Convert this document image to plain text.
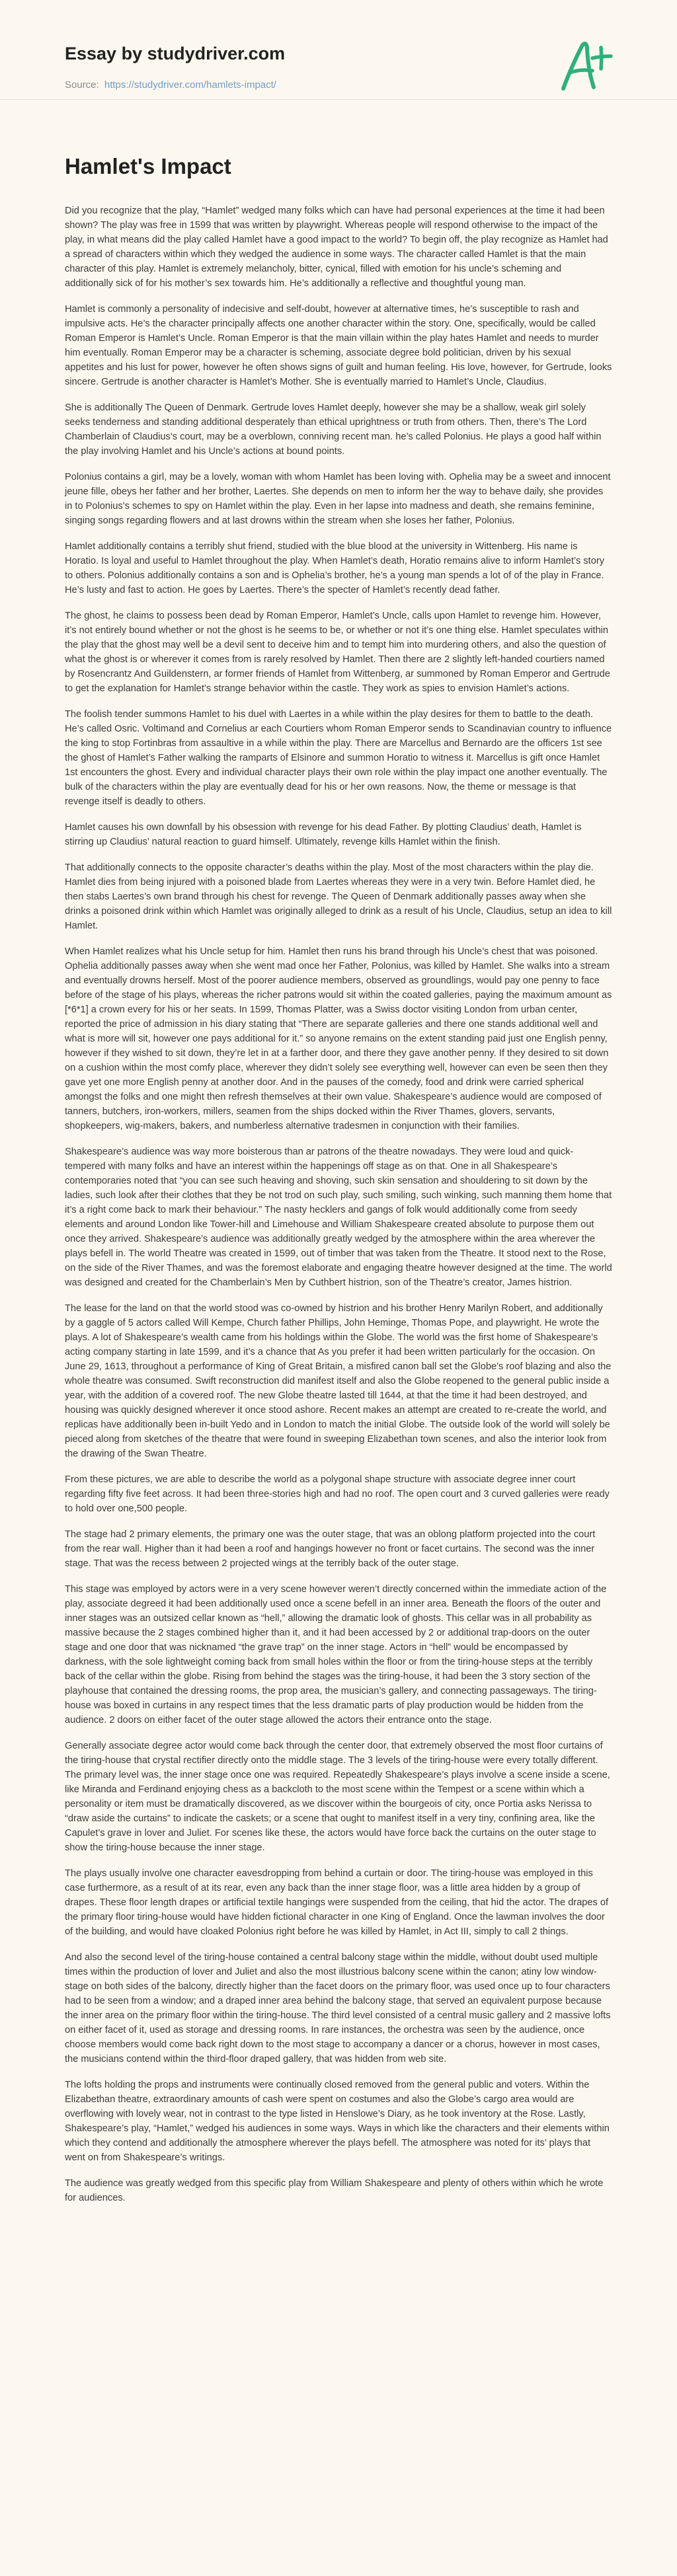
Essay by studydriver.com
Source: https://studydriver.com/hamlets-impact/
Hamlet's Impact

Did you recognize that the play, “Hamlet” wedged many folks which can have had personal experiences at the time it had been shown? The play was free in 1599 that was written by playwright. Whereas people will respond otherwise to the impact of the play, in what means did the play called Hamlet have a good impact to the world? To begin off, the play recognize as Hamlet had a spread of characters within which they wedged the audience in some ways. The character called Hamlet is that the main character of this play. Hamlet is extremely melancholy, bitter, cynical, filled with emotion for his uncle’s scheming and additionally sick of for his mother’s sex towards him. He’s additionally a reflective and thoughtful young man.

Hamlet is commonly a personality of indecisive and self-doubt, however at alternative times, he’s susceptible to rash and impulsive acts. He’s the character principally affects one another character within the story. One, specifically, would be called Roman Emperor is Hamlet’s Uncle. Roman Emperor is that the main villain within the play hates Hamlet and needs to murder him eventually. Roman Emperor may be a character is scheming, associate degree bold politician, driven by his sexual appetites and his lust for power, however he often shows signs of guilt and human feeling. His love, however, for Gertrude, looks sincere. Gertrude is another character is Hamlet’s Mother. She is eventually married to Hamlet’s Uncle, Claudius.

She is additionally The Queen of Denmark. Gertrude loves Hamlet deeply, however she may be a shallow, weak girl solely seeks tenderness and standing additional desperately than ethical uprightness or truth from others. Then, there’s The Lord Chamberlain of Claudius’s court, may be a overblown, conniving recent man. he’s called Polonius. He plays a good half within the play involving Hamlet and his Uncle’s actions at bound points.

Polonius contains a girl, may be a lovely, woman with whom Hamlet has been loving with. Ophelia may be a sweet and innocent jeune fille, obeys her father and her brother, Laertes. She depends on men to inform her the way to behave daily, she provides in to Polonius’s schemes to spy on Hamlet within the play. Even in her lapse into madness and death, she remains feminine, singing songs regarding flowers and at last drowns within the stream when she loses her father, Polonius.

Hamlet additionally contains a terribly shut friend, studied with the blue blood at the university in Wittenberg. His name is Horatio. Is loyal and useful to Hamlet throughout the play. When Hamlet’s death, Horatio remains alive to inform Hamlet’s story to others. Polonius additionally contains a son and is Ophelia’s brother, he’s a young man spends a lot of of the play in France. He’s lusty and fast to action. He goes by Laertes. There’s the specter of Hamlet’s recently dead father.

The ghost, he claims to possess been dead by Roman Emperor, Hamlet’s Uncle, calls upon Hamlet to revenge him. However, it’s not entirely bound whether or not the ghost is he seems to be, or whether or not it’s one thing else. Hamlet speculates within the play that the ghost may well be a devil sent to deceive him and to tempt him into murdering others, and also the question of what the ghost is or wherever it comes from is rarely resolved by Hamlet. Then there are 2 slightly left-handed courtiers named by Rosencrantz And Guildenstern, ar former friends of Hamlet from Wittenberg, ar summoned by Roman Emperor and Gertrude to get the explanation for Hamlet’s strange behavior within the castle. They work as spies to envision Hamlet’s actions.

The foolish tender summons Hamlet to his duel with Laertes in a while within the play desires for them to battle to the death. He’s called Osric. Voltimand and Cornelius ar each Courtiers whom Roman Emperor sends to Scandinavian country to influence the king to stop Fortinbras from assaultive in a while within the play. There are Marcellus and Bernardo are the officers 1st see the ghost of Hamlet’s Father walking the ramparts of Elsinore and summon Horatio to witness it. Marcellus is gift once Hamlet 1st encounters the ghost. Every and individual character plays their own role within the play impact one another eventually. The bulk of the characters within the play are eventually dead for his or her own reasons. Now, the theme or message is that revenge itself is deadly to others.

Hamlet causes his own downfall by his obsession with revenge for his dead Father. By plotting Claudius’ death, Hamlet is stirring up Claudius’ natural reaction to guard himself. Ultimately, revenge kills Hamlet within the finish.

That additionally connects to the opposite character’s deaths within the play. Most of the most characters within the play die. Hamlet dies from being injured with a poisoned blade from Laertes whereas they were in a very twin. Before Hamlet died, he then stabs Laertes’s own brand through his chest for revenge. The Queen of Denmark additionally passes away when she drinks a poisoned drink within which Hamlet was originally alleged to drink as a result of his Uncle, Claudius, setup an idea to kill Hamlet.

When Hamlet realizes what his Uncle setup for him. Hamlet then runs his brand through his Uncle’s chest that was poisoned. Ophelia additionally passes away when she went mad once her Father, Polonius, was killed by Hamlet. She walks into a stream and eventually drowns herself. Most of the poorer audience members, observed as groundlings, would pay one penny to face before of the stage of his plays, whereas the richer patrons would sit within the coated galleries, paying the maximum amount as [*6*1] a crown every for his or her seats. In 1599, Thomas Platter, was a Swiss doctor visiting London from urban center, reported the price of admission in his diary stating that “There are separate galleries and there one stands additional well and what is more will sit, however one pays additional for it.” so anyone remains on the extent standing paid just one English penny, however if they wished to sit down, they’re let in at a farther door, and there they gave another penny. If they desired to sit down on a cushion within the most comfy place, wherever they didn’t solely see everything well, however can even be seen then they gave yet one more English penny at another door. And in the pauses of the comedy, food and drink were carried spherical amongst the folks and one might then refresh themselves at their own value. Shakespeare’s audience would are composed of tanners, butchers, iron-workers, millers, seamen from the ships docked within the River Thames, glovers, servants, shopkeepers, wig-makers, bakers, and numberless alternative tradesmen in conjunction with their families.

Shakespeare’s audience was way more boisterous than ar patrons of the theatre nowadays. They were loud and quick-tempered with many folks and have an interest within the happenings off stage as on that. One in all Shakespeare’s contemporaries noted that “you can see such heaving and shoving, such skin sensation and shouldering to sit down by the ladies, such look after their clothes that they be not trod on such play, such smiling, such winking, such manning them home that it’s a right come back to mark their behaviour.” The nasty hecklers and gangs of folk would additionally come from seedy elements and around London like Tower-hill and Limehouse and William Shakespeare created absolute to purpose them out once they arrived. Shakespeare’s audience was additionally greatly wedged by the atmosphere within the area wherever the plays befell in. The world Theatre was created in 1599, out of timber that was taken from the Theatre. It stood next to the Rose, on the side of the River Thames, and was the foremost elaborate and engaging theatre however designed at the time. The world was designed and created for the Chamberlain’s Men by Cuthbert histrion, son of the Theatre’s creator, James histrion.

The lease for the land on that the world stood was co-owned by histrion and his brother Henry Marilyn Robert, and additionally by a gaggle of 5 actors called Will Kempe, Church father Phillips, John Heminge, Thomas Pope, and playwright. He wrote the plays. A lot of Shakespeare’s wealth came from his holdings within the Globe. The world was the first home of Shakespeare’s acting company starting in late 1599, and it’s a chance that As you prefer it had been written particularly for the occasion. On June 29, 1613, throughout a performance of King of Great Britain, a misfired canon ball set the Globe’s roof blazing and also the whole theatre was consumed. Swift reconstruction did manifest itself and also the Globe reopened to the general public inside a year, with the addition of a covered roof. The new Globe theatre lasted till 1644, at that the time it had been destroyed, and housing was quickly designed wherever it once stood ashore. Recent makes an attempt are created to re-create the world, and replicas have additionally been in-built Yedo and in London to match the initial Globe. The outside look of the world will solely be pieced along from sketches of the theatre that were found in sweeping Elizabethan town scenes, and also the interior look from the drawing of the Swan Theatre.

From these pictures, we are able to describe the world as a polygonal shape structure with associate degree inner court regarding fifty five feet across. It had been three-stories high and had no roof. The open court and 3 curved galleries were ready to hold over one,500 people.

The stage had 2 primary elements, the primary one was the outer stage, that was an oblong platform projected into the court from the rear wall. Higher than it had been a roof and hangings however no front or facet curtains. The second was the inner stage. That was the recess between 2 projected wings at the terribly back of the outer stage.

This stage was employed by actors were in a very scene however weren’t directly concerned within the immediate action of the play, associate degreed it had been additionally used once a scene befell in an inner area. Beneath the floors of the outer and inner stages was an outsized cellar known as “hell,” allowing the dramatic look of ghosts. This cellar was in all probability as massive because the 2 stages combined higher than it, and it had been accessed by 2 or additional trap-doors on the outer stage and one door that was nicknamed “the grave trap” on the inner stage. Actors in “hell” would be encompassed by darkness, with the sole lightweight coming back from small holes within the floor or from the tiring-house steps at the terribly back of the cellar within the globe. Rising from behind the stages was the tiring-house, it had been the 3 story section of the playhouse that contained the dressing rooms, the prop area, the musician’s gallery, and connecting passageways. The tiring-house was boxed in curtains in any respect times that the less dramatic parts of play production would be hidden from the audience. 2 doors on either facet of the outer stage allowed the actors their entrance onto the stage.

Generally associate degree actor would come back through the center door, that extremely observed the most floor curtains of the tiring-house that crystal rectifier directly onto the middle stage. The 3 levels of the tiring-house were every totally different. The primary level was, the inner stage once one was required. Repeatedly Shakespeare’s plays involve a scene inside a scene, like Miranda and Ferdinand enjoying chess as a backcloth to the most scene within the Tempest or a scene within which a personality or item must be dramatically discovered, as we discover within the bourgeois of city, once Portia asks Nerissa to “draw aside the curtains” to indicate the caskets; or a scene that ought to manifest itself in a very tiny, confining area, like the Capulet’s grave in lover and Juliet. For scenes like these, the actors would have force back the curtains on the outer stage to show the tiring-house because the inner stage.

The plays usually involve one character eavesdropping from behind a curtain or door. The tiring-house was employed in this case furthermore, as a result of at its rear, even any back than the inner stage floor, was a little area hidden by a group of drapes. These floor length drapes or artificial textile hangings were suspended from the ceiling, that hid the actor. The drapes of the primary floor tiring-house would have hidden fictional character in one King of England. Once the lawman involves the door of the building, and would have cloaked Polonius right before he was killed by Hamlet, in Act III, simply to call 2 things.

And also the second level of the tiring-house contained a central balcony stage within the middle, without doubt used multiple times within the production of lover and Juliet and also the most illustrious balcony scene within the canon; atiny low window-stage on both sides of the balcony, directly higher than the facet doors on the primary floor, was used once up to four characters had to be seen from a window; and a draped inner area behind the balcony stage, that served an equivalent purpose because the inner area on the primary floor within the tiring-house. The third level consisted of a central music gallery and 2 massive lofts on either facet of it, used as storage and dressing rooms. In rare instances, the orchestra was seen by the audience, once choose members would come back right down to the most stage to accompany a dancer or a chorus, however in most cases, the musicians contend within the third-floor draped gallery, that was hidden from web site.

The lofts holding the props and instruments were continually closed removed from the general public and voters. Within the Elizabethan theatre, extraordinary amounts of cash were spent on costumes and also the Globe’s cargo area would are overflowing with lovely wear, not in contrast to the type listed in Henslowe’s Diary, as he took inventory at the Rose. Lastly, Shakespeare’s play, “Hamlet,” wedged his audiences in some ways. Ways in which like the characters and their elements within which they contend and additionally the atmosphere wherever the plays befell. The atmosphere was noted for its’ plays that went on from Shakespeare’s writings.

The audience was greatly wedged from this specific play from William Shakespeare and plenty of others within which he wrote for audiences.
